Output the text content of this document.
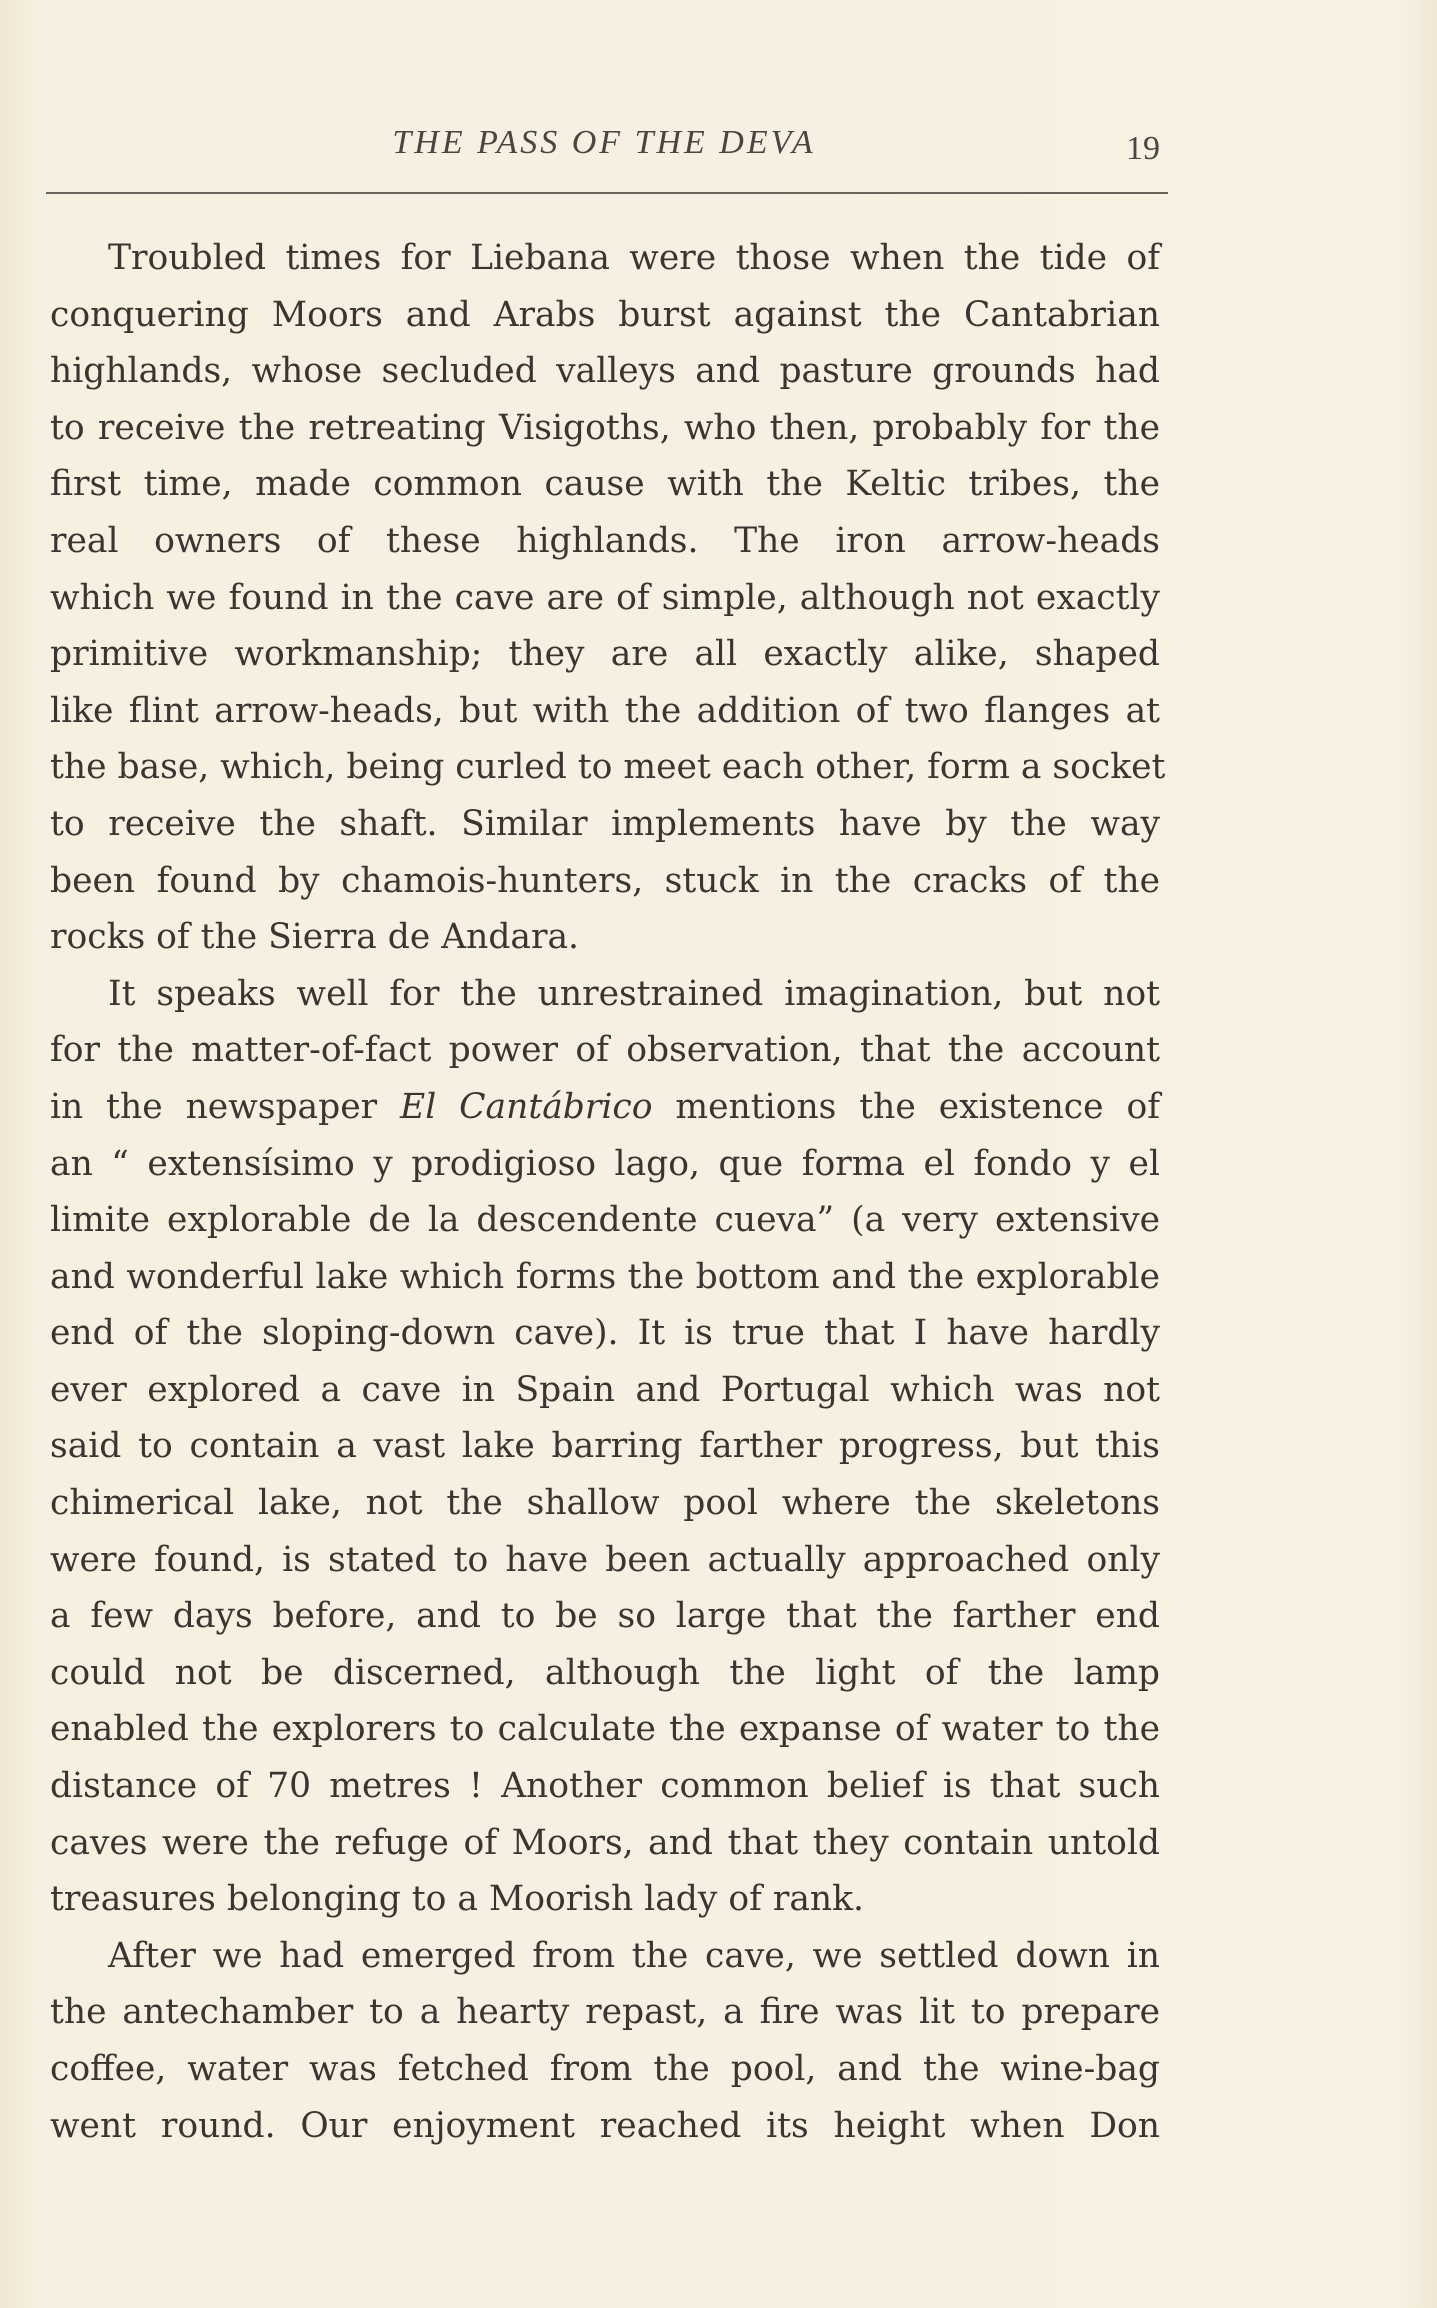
THE PASS OF THE DEVA	19
Troubled times for Liebana were those when the tide of
conquering Moors and Arabs burst against the Cantabrian
highlands, whose secluded valleys and pasture grounds had
to receive the retreating Visigoths, who then, probably for the
first time, made common cause with the Keltic tribes, the
real owners of these highlands. The iron arrow-heads
which we found in the cave are of simple, although not exactly
primitive workmanship; they are all exactly alike, shaped
like flint arrow-heads, but with the addition of two flanges at
the base, which, being curled to meet each other, form a socket
to receive the shaft. Similar implements have by the way
been found by chamois-hunters, stuck in the cracks of the
rocks of the Sierra de Andara.
It speaks well for the unrestrained imagination, but not
for the matter-of-fact power of observation, that the account
in the newspaper El Cantábrico mentions the existence of
an “ extensísimo y prodigioso lago, que forma el fondo y el
limite explorable de la descendente cueva” (a very extensive
and wonderful lake which forms the bottom and the explorable
end of the sloping-down cave). It is true that I have hardly
ever explored a cave in Spain and Portugal which was not
said to contain a vast lake barring farther progress, but this
chimerical lake, not the shallow pool where the skeletons
were found, is stated to have been actually approached only
a few days before, and to be so large that the farther end
could not be discerned, although the light of the lamp
enabled the explorers to calculate the expanse of water to the
distance of 70 metres ! Another common belief is that such
caves were the refuge of Moors, and that they contain untold
treasures belonging to a Moorish lady of rank.
After we had emerged from the cave, we settled down in
the antechamber to a hearty repast, a fire was lit to prepare
coffee, water was fetched from the pool, and the wine-bag
went round. Our enjoyment reached its height when Don
